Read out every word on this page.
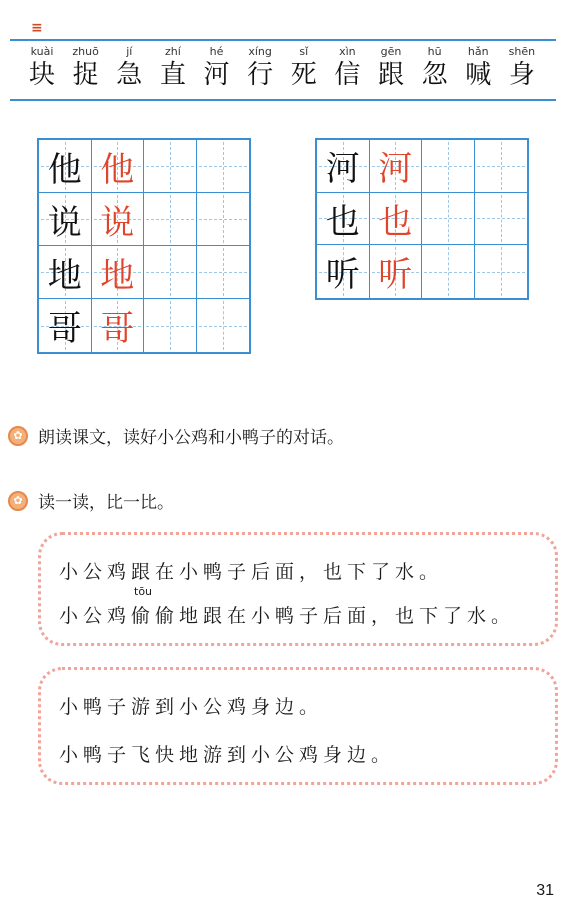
≡
kuài
块
zhuō
捉
jí
急
zhí
直
hé
河
xíng
行
sǐ
死
xìn
信
gēn
跟
hū
忽
hǎn
喊
shēn
身
他 他
说 说
地 地
哥 哥
河 河
也 也
听 听
✿ 朗读课文，读好小公鸡和小鸭子的对话。
✿ 读一读，比一比。
小公鸡跟在小鸭子后面，也下了水。
小公鸡
tōu
偷偷地跟在小鸭子后面，也下了水。
小鸭子游到小公鸡身边。
小鸭子飞快地游到小公鸡身边。
31
